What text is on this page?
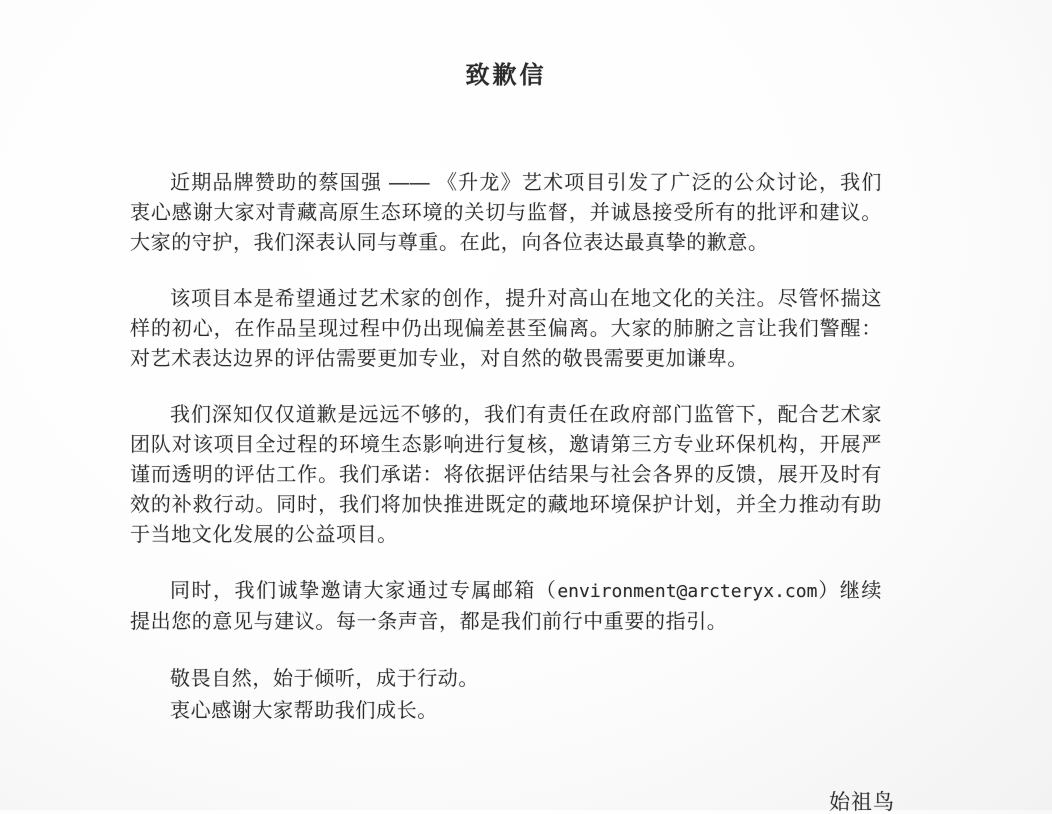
致歉信

近期品牌赞助的蔡国强 —— 《升龙》艺术项目引发了广泛的公众讨论，我们衷心感谢大家对青藏高原生态环境的关切与监督，并诚恳接受所有的批评和建议。大家的守护，我们深表认同与尊重。在此，向各位表达最真挚的歉意。

该项目本是希望通过艺术家的创作，提升对高山在地文化的关注。尽管怀揣这样的初心，在作品呈现过程中仍出现偏差甚至偏离。大家的肺腑之言让我们警醒：对艺术表达边界的评估需要更加专业，对自然的敬畏需要更加谦卑。

我们深知仅仅道歉是远远不够的，我们有责任在政府部门监管下，配合艺术家团队对该项目全过程的环境生态影响进行复核，邀请第三方专业环保机构，开展严谨而透明的评估工作。我们承诺：将依据评估结果与社会各界的反馈，展开及时有效的补救行动。同时，我们将加快推进既定的藏地环境保护计划，并全力推动有助于当地文化发展的公益项目。

同时，我们诚挚邀请大家通过专属邮箱（environment@arcteryx.com）继续提出您的意见与建议。每一条声音，都是我们前行中重要的指引。

敬畏自然，始于倾听，成于行动。
衷心感谢大家帮助我们成长。
始祖鸟
